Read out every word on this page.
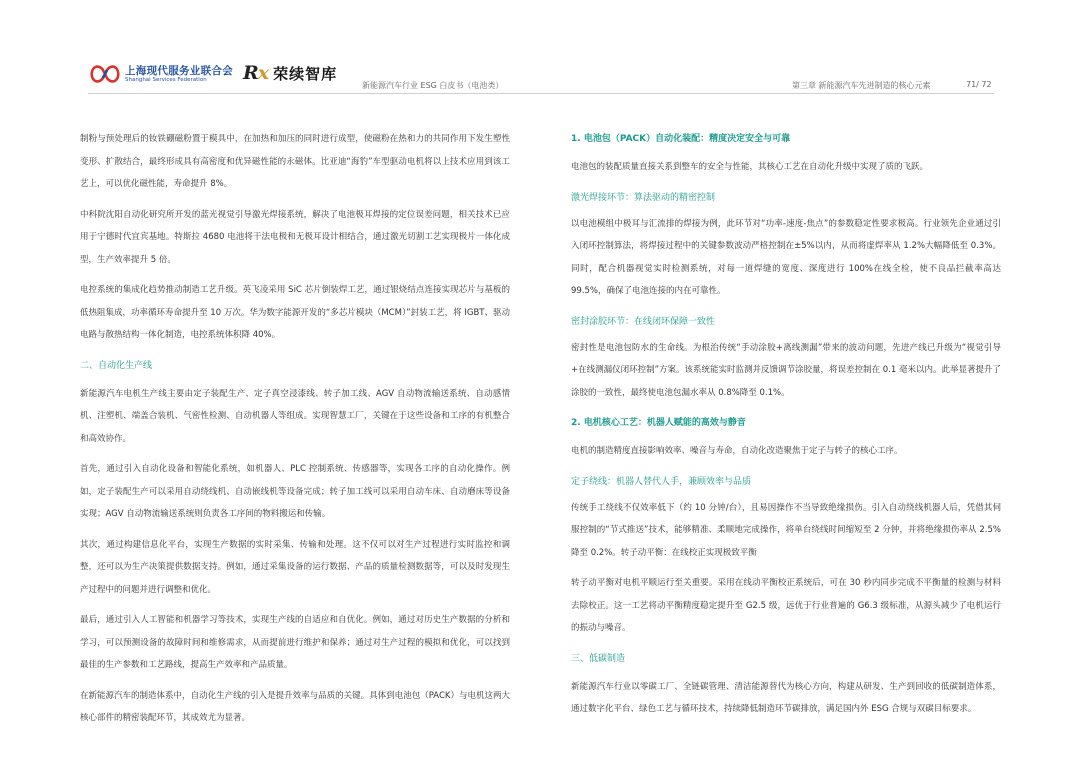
上海现代服务业联合会
Shanghai Services Federation	Rx 荣续智库
新能源汽车行业 ESG 白皮书（电池类）	第三章 新能源汽车先进制造的核心元素	71/ 72

制粉与预处理后的钕铁硼磁粉置于模具中，在加热和加压的同时进行成型，使磁粉在热和力的共同作用下发生塑性变形、扩散结合，最终形成具有高密度和优异磁性能的永磁体。比亚迪“海豹”车型驱动电机将以上技术应用到该工艺上，可以优化磁性能，寿命提升 8%。

中科院沈阳自动化研究所开发的蓝光视觉引导激光焊接系统，解决了电池极耳焊接的定位误差问题，相关技术已应用于宁德时代宜宾基地。特斯拉 4680 电池将干法电极和无极耳设计相结合，通过激光切割工艺实现极片一体化成型，生产效率提升 5 倍。

电控系统的集成化趋势推动制造工艺升级。英飞凌采用 SiC 芯片倒装焊工艺，通过银烧结点连接实现芯片与基板的低热阻集成，功率循环寿命提升至 10 万次。华为数字能源开发的“多芯片模块（MCM）”封装工艺，将 IGBT、驱动电路与散热结构一体化制造，电控系统体积降 40%。

二、自动化生产线

新能源汽车电机生产线主要由定子装配生产、定子真空浸漆线、转子加工线、AGV 自动物流输送系统、自动感情机、注塑机、端盖合装机、气密性检测、自动机器人等组成。实现智慧工厂，关键在于这些设备和工序的有机整合和高效协作。

首先，通过引入自动化设备和智能化系统，如机器人、PLC 控制系统、传感器等，实现各工序的自动化操作。例如，定子装配生产可以采用自动绕线机、自动嵌线机等设备完成；转子加工线可以采用自动车床、自动磨床等设备实现；AGV 自动物流输送系统则负责各工序间的物料搬运和传输。

其次，通过构建信息化平台，实现生产数据的实时采集、传输和处理。这不仅可以对生产过程进行实时监控和调整，还可以为生产决策提供数据支持。例如，通过采集设备的运行数据、产品的质量检测数据等，可以及时发现生产过程中的问题并进行调整和优化。

最后，通过引入人工智能和机器学习等技术，实现生产线的自适应和自优化。例如，通过对历史生产数据的分析和学习，可以预测设备的故障时间和维修需求，从而提前进行维护和保养；通过对生产过程的模拟和优化，可以找到最佳的生产参数和工艺路线，提高生产效率和产品质量。

在新能源汽车的制造体系中，自动化生产线的引入是提升效率与品质的关键。具体到电池包（PACK）与电机这两大核心部件的精密装配环节，其成效尤为显著。

1. 电池包（PACK）自动化装配：精度决定安全与可靠

电池包的装配质量直接关系到整车的安全与性能，其核心工艺在自动化升级中实现了质的飞跃。

激光焊接环节：算法驱动的精密控制

以电池模组中极耳与汇流排的焊接为例，此环节对“功率-速度-焦点”的参数稳定性要求极高。行业领先企业通过引入闭环控制算法，将焊接过程中的关键参数波动严格控制在±5%以内，从而将虚焊率从 1.2%大幅降低至 0.3%。同时，配合机器视觉实时检测系统，对每一道焊缝的宽度、深度进行 100%在线全检，使不良品拦截率高达 99.5%，确保了电池连接的内在可靠性。

密封涂胶环节：在线闭环保障一致性

密封性是电池包防水的生命线。为根治传统“手动涂胶+离线测漏”带来的波动问题，先进产线已升级为“视觉引导+在线测漏仪闭环控制”方案。该系统能实时监测并反馈调节涂胶量，将误差控制在 0.1 毫米以内。此举显著提升了涂胶的一致性，最终使电池包漏水率从 0.8%降至 0.1%。

2. 电机核心工艺：机器人赋能的高效与静音

电机的制造精度直接影响效率、噪音与寿命，自动化改造聚焦于定子与转子的核心工序。

定子绕线：机器人替代人手，兼顾效率与品质

传统手工绕线不仅效率低下（约 10 分钟/台），且易因操作不当导致绝缘损伤。引入自动绕线机器人后，凭借其伺服控制的“节式推送”技术，能够精准、柔顺地完成操作，将单台绕线时间缩短至 2 分钟，并将绝缘损伤率从 2.5%降至 0.2%。转子动平衡：在线校正实现极致平衡

转子动平衡对电机平顺运行至关重要。采用在线动平衡校正系统后，可在 30 秒内同步完成不平衡量的检测与材料去除校正。这一工艺将动平衡精度稳定提升至 G2.5 级，远优于行业普遍的 G6.3 级标准，从源头减少了电机运行的振动与噪音。

三、低碳制造

新能源汽车行业以零碳工厂、全链碳管理、清洁能源替代为核心方向，构建从研发、生产到回收的低碳制造体系，通过数字化平台、绿色工艺与循环技术，持续降低制造环节碳排放，满足国内外 ESG 合规与双碳目标要求。
